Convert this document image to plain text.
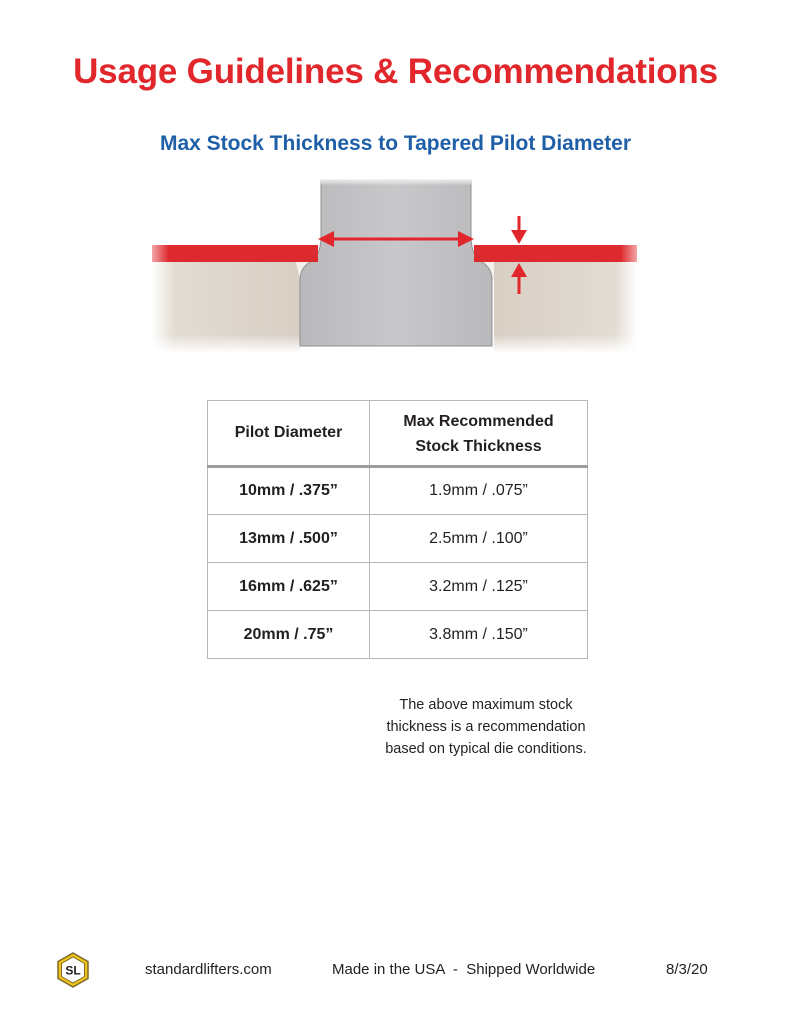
Usage Guidelines & Recommendations
Max Stock Thickness to Tapered Pilot Diameter
Pilot Diameter	Max Recommended
Stock Thickness

10mm / .375”	1.9mm / .075”
13mm / .500”	2.5mm / .100”
16mm / .625”	3.2mm / .125”
20mm / .75”	3.8mm / .150”
The above maximum stock
thickness is a recommendation
based on typical die conditions.
SL	standardlifters.com	Made in the USA  -  Shipped Worldwide	8/3/20
